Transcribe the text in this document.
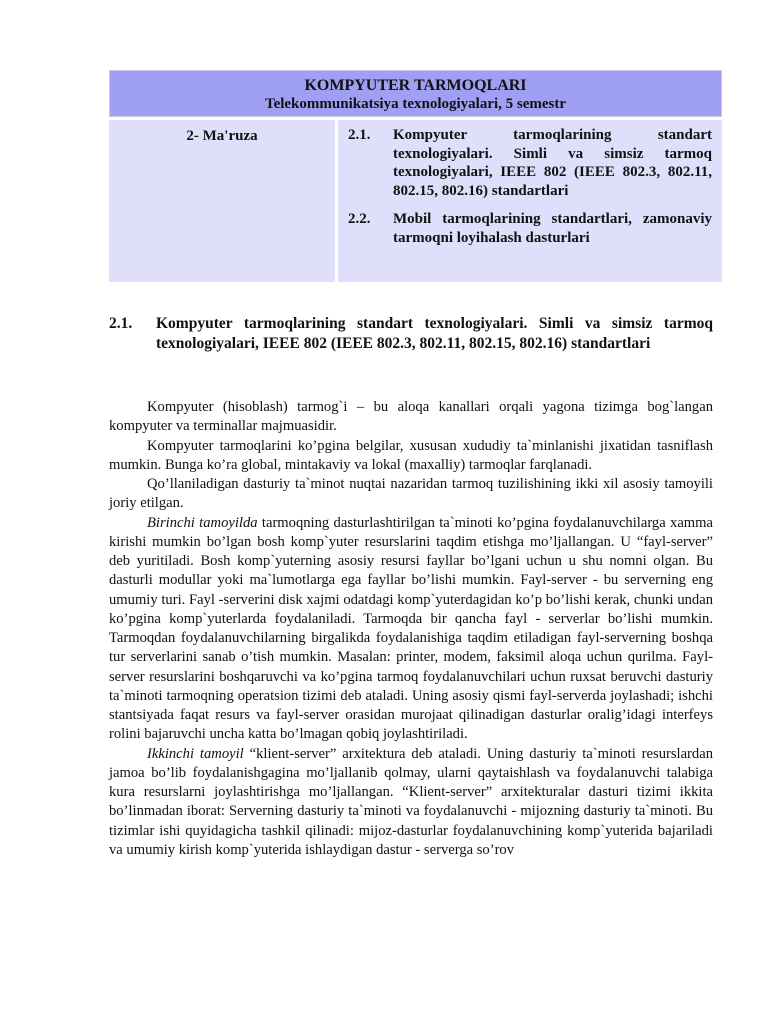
KOMPYUTER TARMOQLARI
Telekommunikatsiya texnologiyalari, 5 semestr
2- Ma'ruza	2.1. Kompyuter tarmoqlarining standart texnologiyalari. Simli va simsiz tarmoq texnologiyalari, IEEE 802 (IEEE 802.3, 802.11, 802.15, 802.16) standartlari
2.2. Mobil tarmoqlarining standartlari, zamonaviy tarmoqni loyihalash dasturlari
2.1. Kompyuter tarmoqlarining standart texnologiyalari. Simli va simsiz tarmoq texnologiyalari, IEEE 802 (IEEE 802.3, 802.11, 802.15, 802.16) standartlari

Kompyuter (hisoblash) tarmog`i – bu aloqa kanallari orqali yagona tizimga bog`langan kompyuter va terminallar majmuasidir.

Kompyuter tarmoqlarini ko’pgina belgilar, xususan xududiy ta`minlanishi jixatidan tasniflash mumkin. Bunga ko’ra global, mintakaviy va lokal (maxalliy) tarmoqlar farqlanadi.

Qo’llaniladigan dasturiy ta`minot nuqtai nazaridan tarmoq tuzilishining ikki xil asosiy tamoyili joriy etilgan.

Birinchi tamoyilda tarmoqning dasturlashtirilgan ta`minoti ko’pgina foydalanuvchilarga xamma kirishi mumkin bo’lgan bosh komp`yuter resurslarini taqdim etishga mo’ljallangan. U “fayl-server” deb yuritiladi. Bosh komp`yuterning asosiy resursi fayllar bo’lgani uchun u shu nomni olgan. Bu dasturli modullar yoki ma`lumotlarga ega fayllar bo’lishi mumkin. Fayl-server - bu serverning eng umumiy turi. Fayl -serverini disk xajmi odatdagi komp`yuterdagidan ko’p bo’lishi kerak, chunki undan ko’pgina komp`yuterlarda foydalaniladi. Tarmoqda bir qancha fayl - serverlar bo’lishi mumkin. Tarmoqdan foydalanuvchilarning birgalikda foydalanishiga taqdim etiladigan fayl-serverning boshqa tur serverlarini sanab o’tish mumkin. Masalan: printer, modem, faksimil aloqa uchun qurilma. Fayl-server resurslarini boshqaruvchi va ko’pgina tarmoq foydalanuvchilari uchun ruxsat beruvchi dasturiy ta`minoti tarmoqning operatsion tizimi deb ataladi. Uning asosiy qismi fayl-serverda joylashadi; ishchi stantsiyada faqat resurs va fayl-server orasidan murojaat qilinadigan dasturlar oralig’idagi interfeys rolini bajaruvchi uncha katta bo’lmagan qobiq joylashtiriladi.

Ikkinchi tamoyil “klient-server” arxitektura deb ataladi. Uning dasturiy ta`minoti resurslardan jamoa bo’lib foydalanishgagina mo’ljallanib qolmay, ularni qaytaishlash va foydalanuvchi talabiga kura resurslarni joylashtirishga mo’ljallangan. “Klient-server” arxitekturalar dasturi tizimi ikkita bo’linmadan iborat: Serverning dasturiy ta`minoti va foydalanuvchi - mijozning dasturiy ta`minoti. Bu tizimlar ishi quyidagicha tashkil qilinadi: mijoz-dasturlar foydalanuvchining komp`yuterida bajariladi va umumiy kirish komp`yuterida ishlaydigan dastur - serverga so’rov
